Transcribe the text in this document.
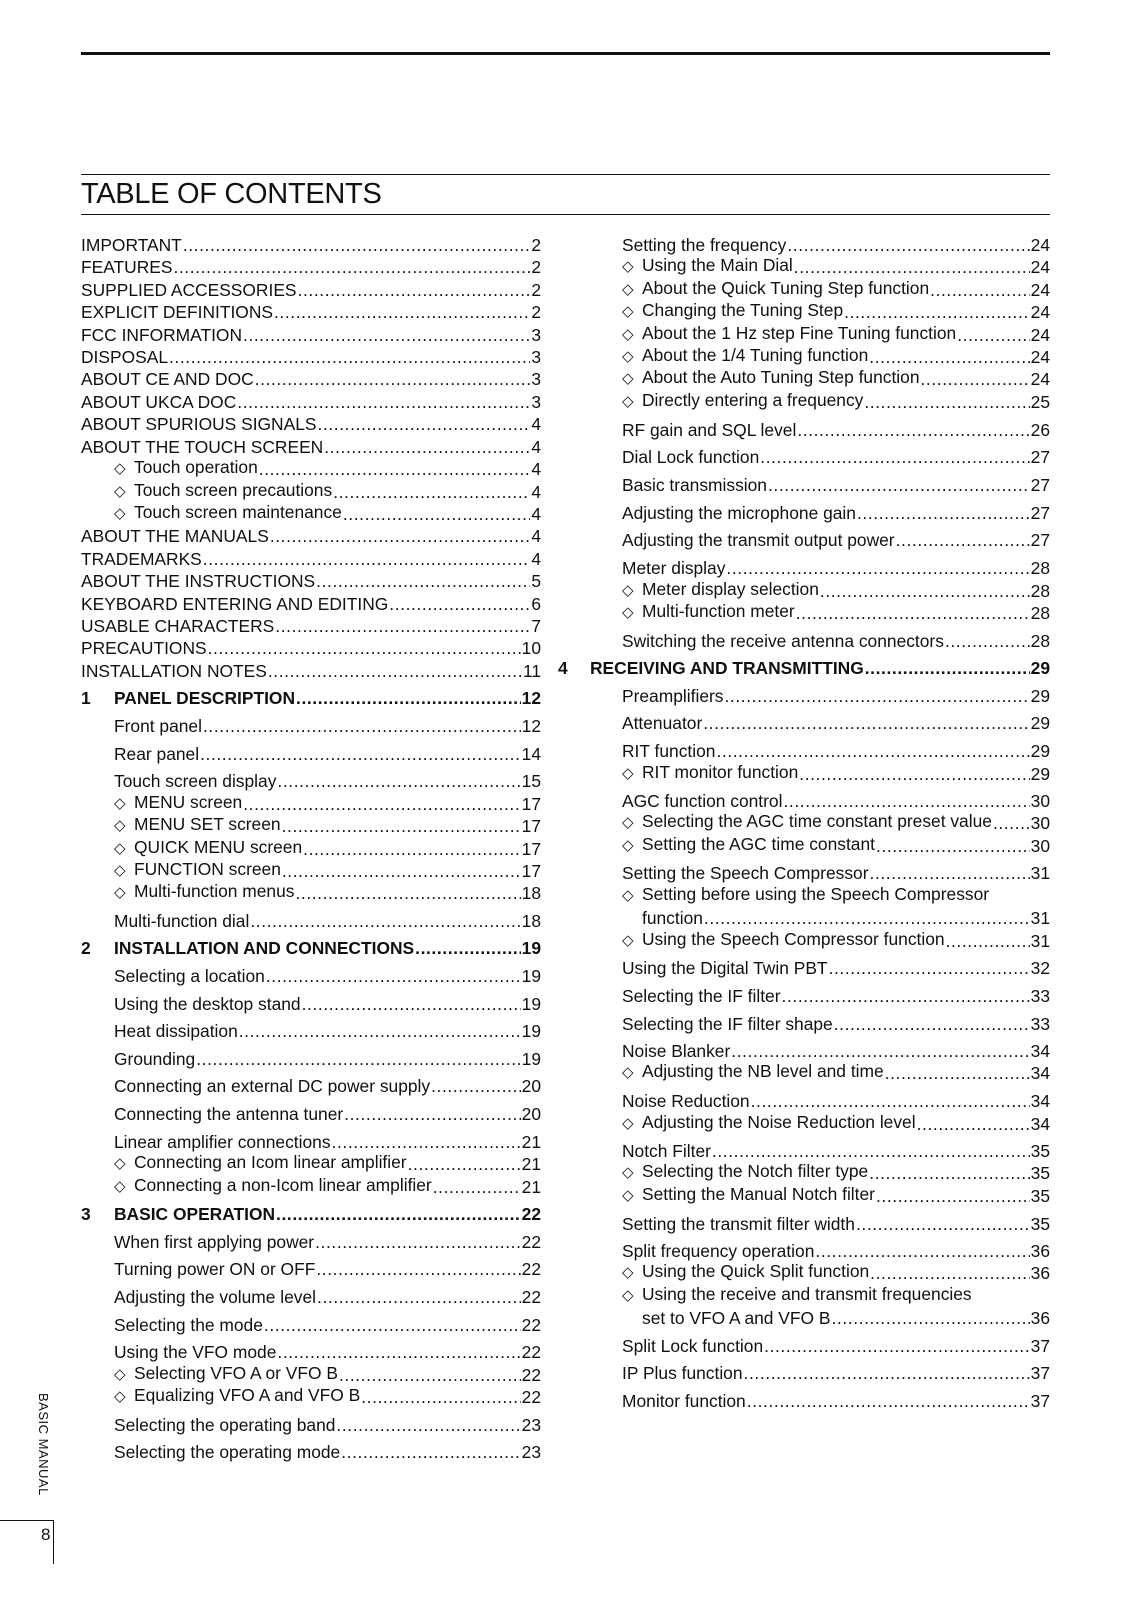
TABLE OF CONTENTS
IMPORTANT .....	2
FEATURES .....	2
SUPPLIED ACCESSORIES .....	2
EXPLICIT DEFINITIONS .....	2
FCC INFORMATION .....	3
DISPOSAL .....	3
ABOUT CE AND DOC .....	3
ABOUT UKCA DOC .....	3
ABOUT SPURIOUS SIGNALS .....	4
ABOUT THE TOUCH SCREEN .....	4
◇ Touch operation .....	4
◇ Touch screen precautions .....	4
◇ Touch screen maintenance .....	4
ABOUT THE MANUALS .....	4
TRADEMARKS .....	4
ABOUT THE INSTRUCTIONS .....	5
KEYBOARD ENTERING AND EDITING .....	6
USABLE CHARACTERS .....	7
PRECAUTIONS .....	10
INSTALLATION NOTES .....	11
1 PANEL DESCRIPTION .....	12
Front panel .....	12
Rear panel .....	14
Touch screen display .....	15
◇ MENU screen .....	17
◇ MENU SET screen .....	17
◇ QUICK MENU screen .....	17
◇ FUNCTION screen .....	17
◇ Multi-function menus .....	18
Multi-function dial .....	18
2 INSTALLATION AND CONNECTIONS .....	19
Selecting a location .....	19
Using the desktop stand .....	19
Heat dissipation .....	19
Grounding .....	19
Connecting an external DC power supply .....	20
Connecting the antenna tuner .....	20
Linear amplifier connections .....	21
◇ Connecting an Icom linear amplifier .....	21
◇ Connecting a non-Icom linear amplifier .....	21
3 BASIC OPERATION .....	22
When first applying power .....	22
Turning power ON or OFF .....	22
Adjusting the volume level .....	22
Selecting the mode .....	22
Using the VFO mode .....	22
◇ Selecting VFO A or VFO B .....	22
◇ Equalizing VFO A and VFO B .....	22
Selecting the operating band .....	23
Selecting the operating mode .....	23
Setting the frequency .....	24
◇ Using the Main Dial .....	24
◇ About the Quick Tuning Step function .....	24
◇ Changing the Tuning Step .....	24
◇ About the 1 Hz step Fine Tuning function .....	24
◇ About the 1/4 Tuning function .....	24
◇ About the Auto Tuning Step function .....	24
◇ Directly entering a frequency .....	25
RF gain and SQL level .....	26
Dial Lock function .....	27
Basic transmission .....	27
Adjusting the microphone gain .....	27
Adjusting the transmit output power .....	27
Meter display .....	28
◇ Meter display selection .....	28
◇ Multi-function meter .....	28
Switching the receive antenna connectors .....	28
4 RECEIVING AND TRANSMITTING .....	29
Preamplifiers .....	29
Attenuator .....	29
RIT function .....	29
◇ RIT monitor function .....	29
AGC function control .....	30
◇ Selecting the AGC time constant preset value ..... 30
◇ Setting the AGC time constant .....	30
Setting the Speech Compressor .....	31
◇ Setting before using the Speech Compressor
function .....	31
◇ Using the Speech Compressor function .....	31
Using the Digital Twin PBT .....	32
Selecting the IF filter .....	33
Selecting the IF filter shape .....	33
Noise Blanker .....	34
◇ Adjusting the NB level and time .....	34
Noise Reduction .....	34
◇ Adjusting the Noise Reduction level .....	34
Notch Filter .....	35
◇ Selecting the Notch filter type .....	35
◇ Setting the Manual Notch filter .....	35
Setting the transmit filter width .....	35
Split frequency operation .....	36
◇ Using the Quick Split function .....	36
◇ Using the receive and transmit frequencies
set to VFO A and VFO B .....	36
Split Lock function .....	37
IP Plus function .....	37
Monitor function .....	37
BASIC MANUAL
8
